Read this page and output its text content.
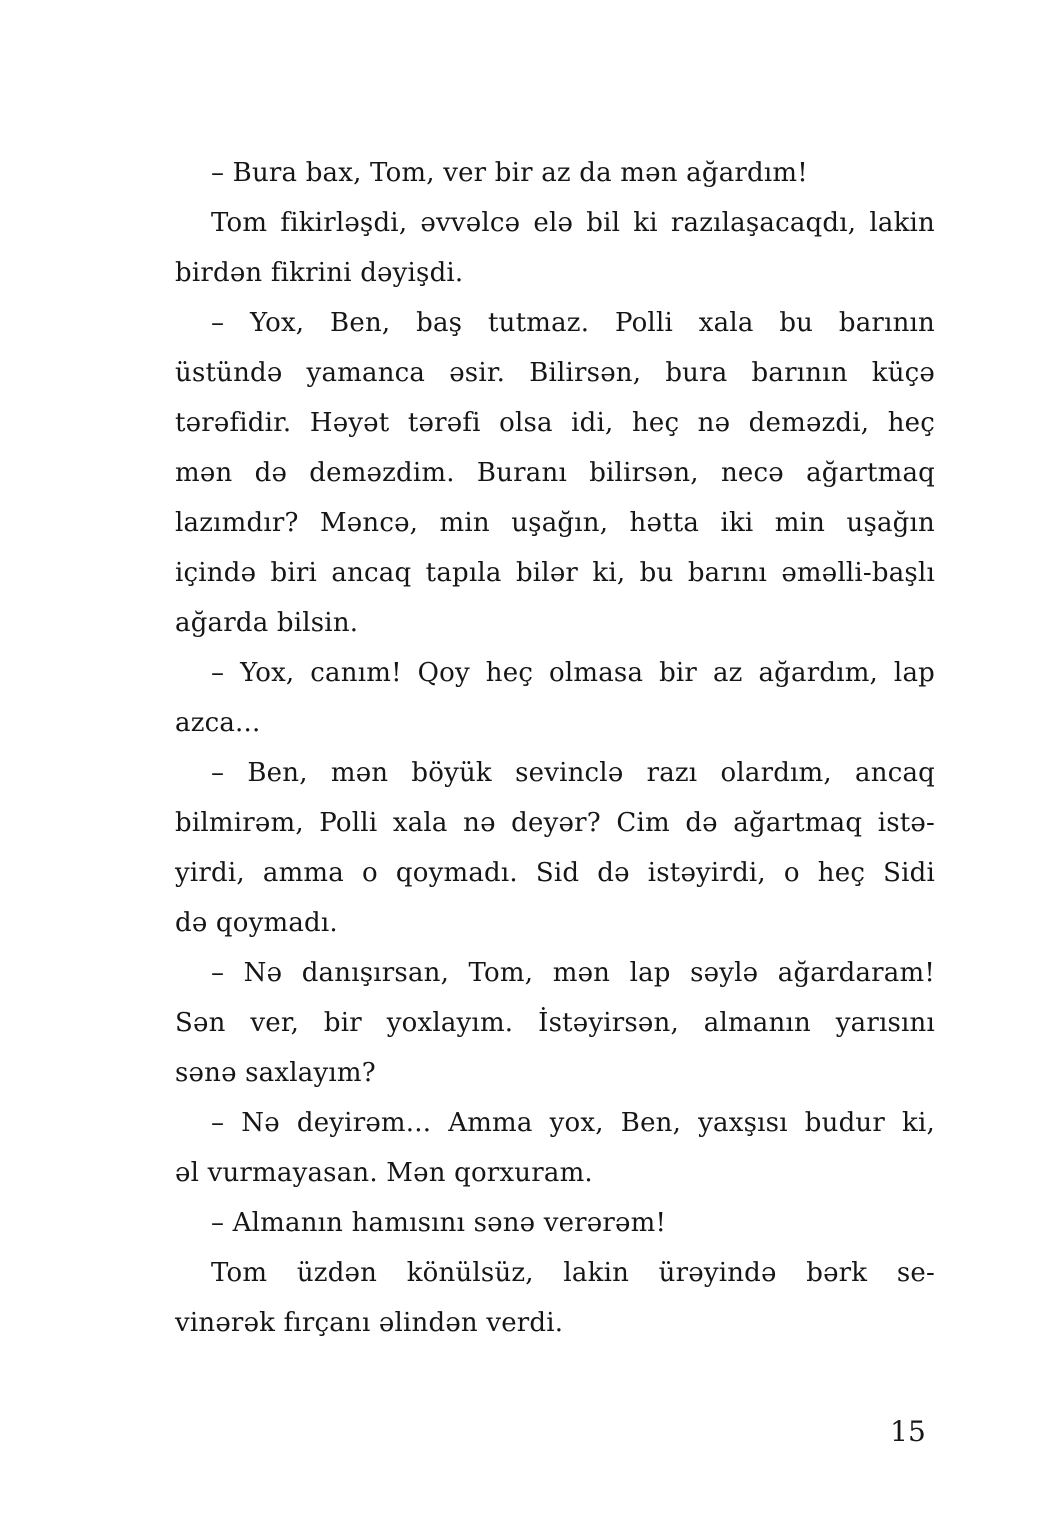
– Bura bax, Tom, ver bir az da mən ağardım!
Tom fikirləşdi, əvvəlcə elə bil ki razılaşacaqdı, lakin
birdən fikrini dəyişdi.
– Yox, Ben, baş tutmaz. Polli xala bu barının
üstündə yamanca əsir. Bilirsən, bura barının küçə
tərəfidir. Həyət tərəfi olsa idi, heç nə deməzdi, heç
mən də deməzdim. Buranı bilirsən, necə ağartmaq
lazımdır? Məncə, min uşağın, hətta iki min uşağın
içində biri ancaq tapıla bilər ki, bu barını əməlli-başlı
ağarda bilsin.
– Yox, canım! Qoy heç olmasa bir az ağardım, lap
azca...
– Ben, mən böyük sevinclə razı olardım, ancaq
bilmirəm, Polli xala nə deyər? Cim də ağartmaq istə-
yirdi, amma o qoymadı. Sid də istəyirdi, o heç Sidi
də qoymadı.
– Nə danışırsan, Tom, mən lap səylə ağardaram!
Sən ver, bir yoxlayım. İstəyirsən, almanın yarısını
sənə saxlayım?
– Nə deyirəm... Amma yox, Ben, yaxşısı budur ki,
əl vurmayasan. Mən qorxuram.
– Almanın hamısını sənə verərəm!
Tom üzdən könülsüz, lakin ürəyində bərk se-
vinərək fırçanı əlindən verdi.
15
